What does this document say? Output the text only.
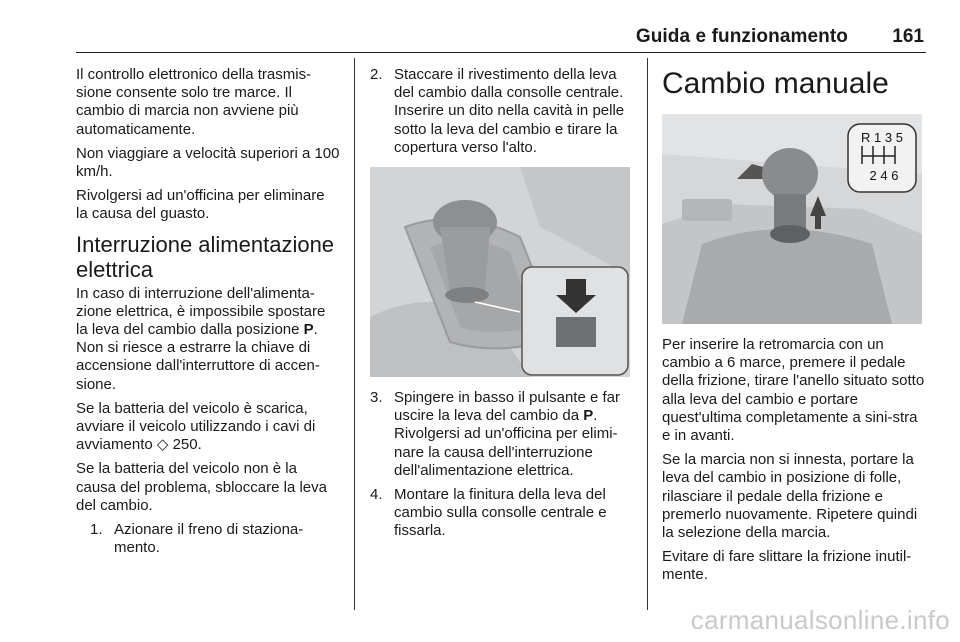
Guida e funzionamento 161

Il controllo elettronico della trasmis-sione consente solo tre marce. Il cambio di marcia non avviene più automaticamente.

Non viaggiare a velocità superiori a 100 km/h.

Rivolgersi ad un'officina per eliminare la causa del guasto.

Interruzione alimentazione elettrica

In caso di interruzione dell'alimenta-zione elettrica, è impossibile spostare la leva del cambio dalla posizione P. Non si riesce a estrarre la chiave di accensione dall'interruttore di accen-sione.

Se la batteria del veicolo è scarica, avviare il veicolo utilizzando i cavi di avviamento ◇ 250.

Se la batteria del veicolo non è la causa del problema, sbloccare la leva del cambio.

1. Azionare il freno di staziona-mento.
2. Staccare il rivestimento della leva del cambio dalla consolle centrale. Inserire un dito nella cavità in pelle sotto la leva del cambio e tirare la copertura verso l'alto.
3. Spingere in basso il pulsante e far uscire la leva del cambio da P. Rivolgersi ad un'officina per elimi-nare la causa dell'interruzione dell'alimentazione elettrica.
4. Montare la finitura della leva del cambio sulla consolle centrale e fissarla.
Cambio manuale
R 1 3 5
2 4 6

Per inserire la retromarcia con un cambio a 6 marce, premere il pedale della frizione, tirare l'anello situato sotto alla leva del cambio e portare quest'ultima completamente a sini-stra e in avanti.

Se la marcia non si innesta, portare la leva del cambio in posizione di folle, rilasciare il pedale della frizione e premerlo nuovamente. Ripetere quindi la selezione della marcia.

Evitare di fare slittare la frizione inutil-mente.

carmanualsonline.info
